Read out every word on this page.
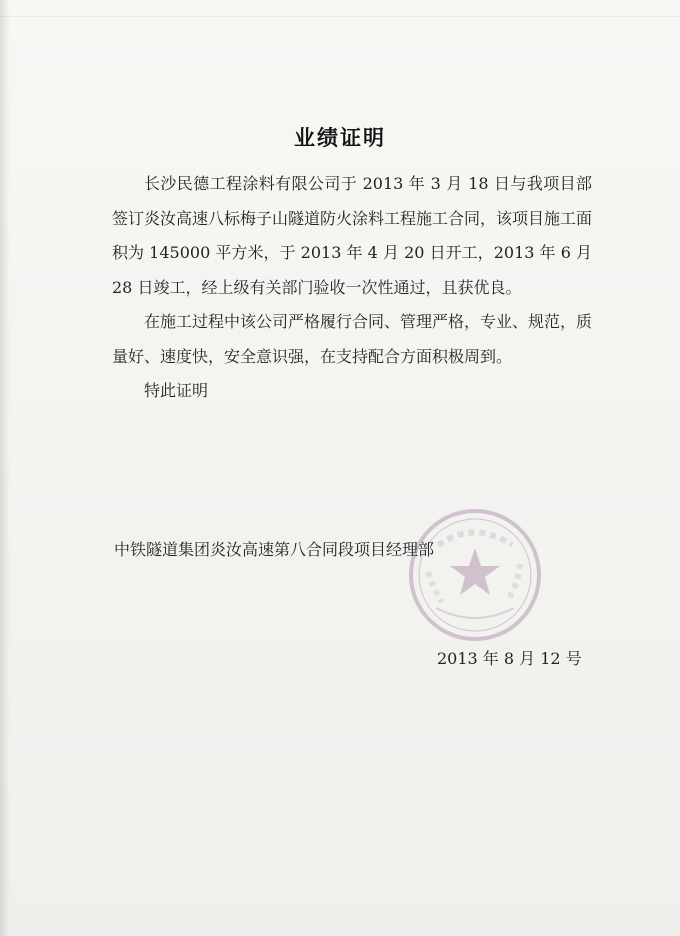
业绩证明

长沙民德工程涂料有限公司于 2013 年 3 月 18 日与我项目部签订炎汝高速八标梅子山隧道防火涂料工程施工合同，该项目施工面积为 145000 平方米，于 2013 年 4 月 20 日开工，2013 年 6 月 28 日竣工，经上级有关部门验收一次性通过，且获优良。

在施工过程中该公司严格履行合同、管理严格，专业、规范，质量好、速度快，安全意识强，在支持配合方面积极周到。

特此证明

中铁隧道集团炎汝高速第八合同段项目经理部
2013 年 8 月 12 号
